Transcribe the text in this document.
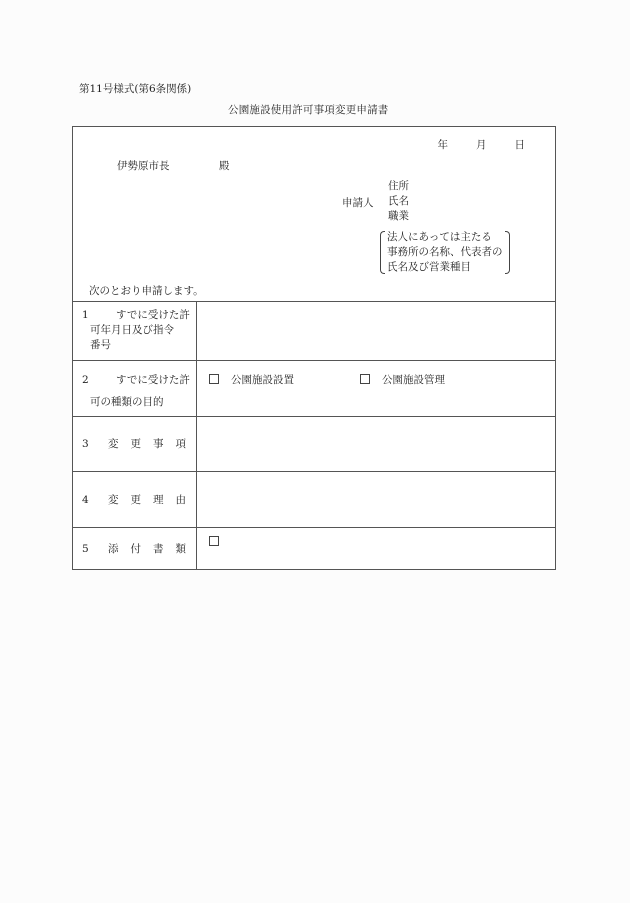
第11号様式(第6条関係)
公園施設使用許可事項変更申請書
年	月	日
伊勢原市長	殿
申請人
住所
氏名
職業
法人にあっては主たる
事務所の名称、代表者の
氏名及び営業種目
次のとおり申請します。
1	すでに受けた許
可年月日及び指令
番号
2	すでに受けた許
可の種類の目的
公園施設設置	公園施設管理
3 変更事項
4 変更理由
5 添付書類
